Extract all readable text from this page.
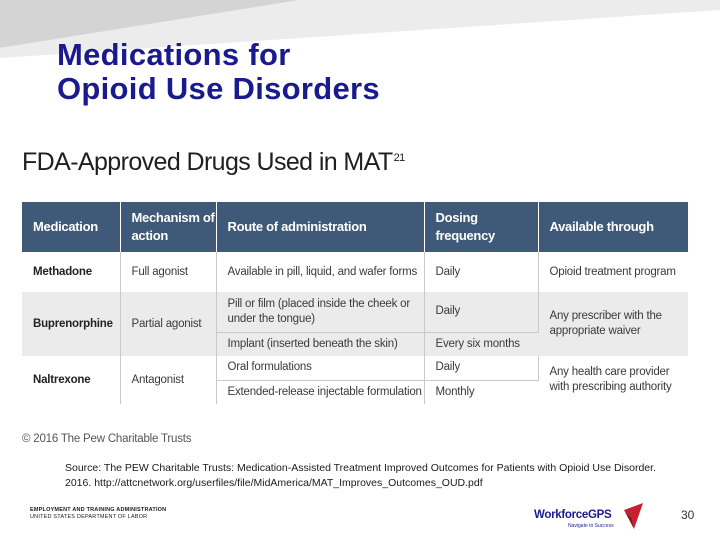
Medications for
Opioid Use Disorders
FDA-Approved Drugs Used in MAT$^{21}$
Medication	Mechanism of action	Route of administration	Dosing frequency	Available through
Methadone	Full agonist	Available in pill, liquid, and wafer forms	Daily	Opioid treatment program
Buprenorphine	Partial agonist	Pill or film (placed inside the cheek or under the tongue)	Daily	Any prescriber with the appropriate waiver
		Implant (inserted beneath the skin)	Every six months	
Naltrexone	Antagonist	Oral formulations	Daily	Any health care provider with prescribing authority
		Extended-release injectable formulation	Monthly	
© 2016 The Pew Charitable Trusts
Source: The PEW Charitable Trusts: Medication-Assisted Treatment Improved Outcomes for Patients with Opioid Use Disorder. 2016. http://attcnetwork.org/userfiles/file/MidAmerica/MAT_Improves_Outcomes_OUD.pdf
EMPLOYMENT AND TRAINING ADMINISTRATION
UNITED STATES DEPARTMENT OF LABOR	WorkforceGPS
Navigate to Success
30
